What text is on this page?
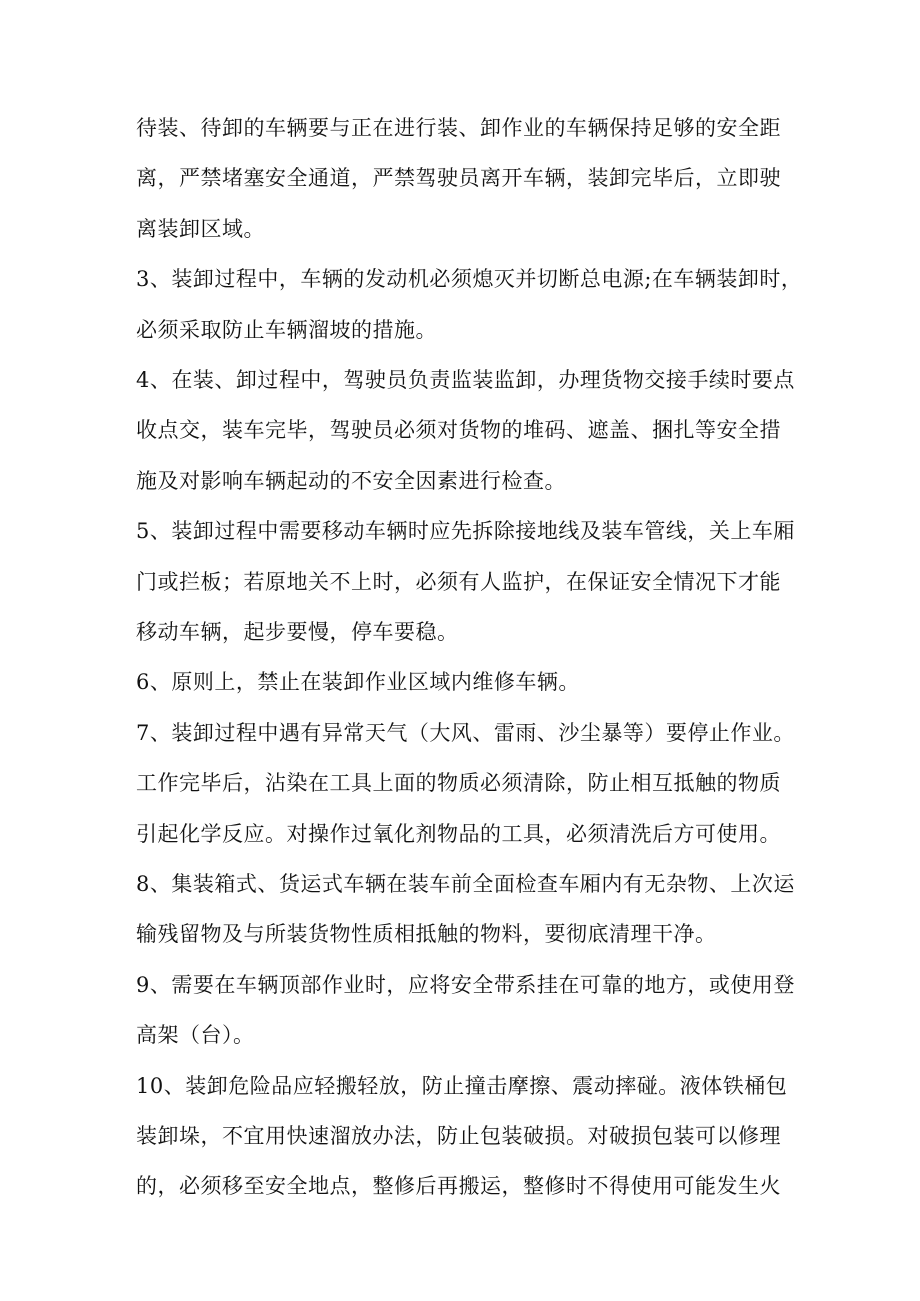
待装、待卸的车辆要与正在进行装、卸作业的车辆保持足够的安全距
离，严禁堵塞安全通道，严禁驾驶员离开车辆，装卸完毕后，立即驶
离装卸区域。
3、装卸过程中，车辆的发动机必须熄灭并切断总电源;在车辆装卸时，
必须采取防止车辆溜坡的措施。
4、在装、卸过程中，驾驶员负责监装监卸，办理货物交接手续时要点
收点交，装车完毕，驾驶员必须对货物的堆码、遮盖、捆扎等安全措
施及对影响车辆起动的不安全因素进行检查。
5、装卸过程中需要移动车辆时应先拆除接地线及装车管线，关上车厢
门或拦板；若原地关不上时，必须有人监护，在保证安全情况下才能
移动车辆，起步要慢，停车要稳。
6、原则上，禁止在装卸作业区域内维修车辆。
7、装卸过程中遇有异常天气（大风、雷雨、沙尘暴等）要停止作业。
工作完毕后，沾染在工具上面的物质必须清除，防止相互抵触的物质
引起化学反应。对操作过氧化剂物品的工具，必须清洗后方可使用。
8、集装箱式、货运式车辆在装车前全面检查车厢内有无杂物、上次运
输残留物及与所装货物性质相抵触的物料，要彻底清理干净。
9、需要在车辆顶部作业时，应将安全带系挂在可靠的地方，或使用登
高架（台）。
10、装卸危险品应轻搬轻放，防止撞击摩擦、震动摔碰。液体铁桶包
装卸垛，不宜用快速溜放办法，防止包装破损。对破损包装可以修理
的，必须移至安全地点，整修后再搬运，整修时不得使用可能发生火
